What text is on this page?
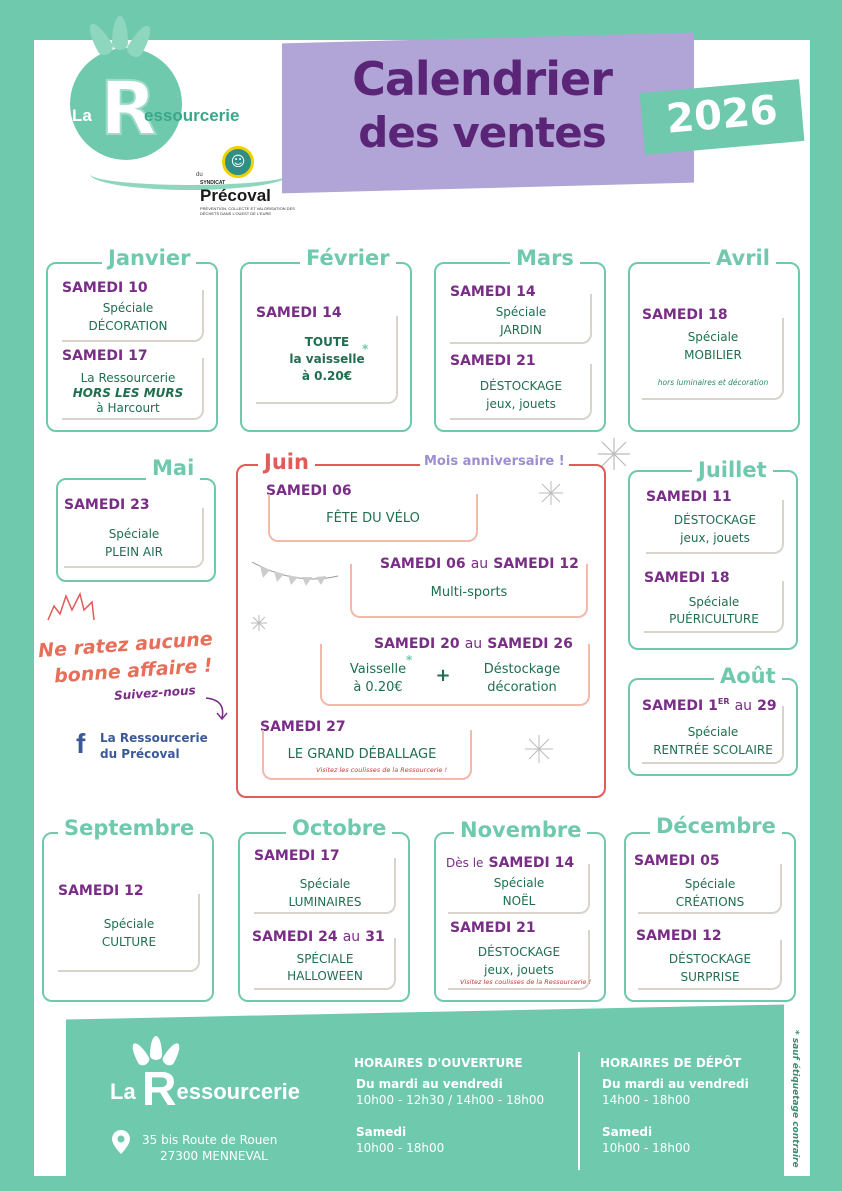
La R
essourcerie
du
☺
SYNDICAT
Précoval
PRÉVENTION, COLLECTE ET VALORISATION DES DÉCHETS DANS L'OUEST DE L'EURE
Calendrier
des ventes	2026
Janvier
SAMEDI 10
Spéciale
DÉCORATION
SAMEDI 17
La Ressourcerie
HORS LES MURS
à Harcourt
Février
SAMEDI 14
TOUTE
la vaisselle
à 0.20€
*
Mars
SAMEDI 14
Spéciale
JARDIN
SAMEDI 21
DÉSTOCKAGE
jeux, jouets
Avril
SAMEDI 18
Spéciale
MOBILIER
hors luminaires et décoration
Mai
SAMEDI 23
Spéciale
PLEIN AIR
Juin	Mois anniversaire !
SAMEDI 06
FÊTE DU VÉLO
SAMEDI 06 au SAMEDI 12
Multi-sports
SAMEDI 20 au SAMEDI 26
Vaisselle
à 0.20€
*
+	Déstockage
décoration
SAMEDI 27
LE GRAND DÉBALLAGE
Visitez les coulisses de la Ressourcerie !
Juillet
SAMEDI 11
DÉSTOCKAGE
jeux, jouets
SAMEDI 18
Spéciale
PUÉRICULTURE
Août
SAMEDI 1ER au 29
Spéciale
RENTRÉE SCOLAIRE
Ne ratez aucune
bonne affaire !
Suivez-nous
f	La Ressourcerie
du Précoval
Septembre
SAMEDI 12
Spéciale
CULTURE
Octobre
SAMEDI 17
Spéciale
LUMINAIRES
SAMEDI 24 au 31
SPÉCIALE
HALLOWEEN
Novembre
Dès le SAMEDI 14
Spéciale
NOËL
SAMEDI 21
DÉSTOCKAGE
jeux, jouets
Visitez les coulisses de la Ressourcerie !
Décembre
SAMEDI 05
Spéciale
CRÉATIONS
SAMEDI 12
DÉSTOCKAGE
SURPRISE
La Ressourcerie
35 bis Route de Rouen
27300 MENNEVAL
HORAIRES D'OUVERTURE
Du mardi au vendredi
10h00 - 12h30 / 14h00 - 18h00
Samedi
10h00 - 18h00
HORAIRES DE DÉPÔT
Du mardi au vendredi
14h00 - 18h00
Samedi
10h00 - 18h00	* sauf étiquetage contraire
